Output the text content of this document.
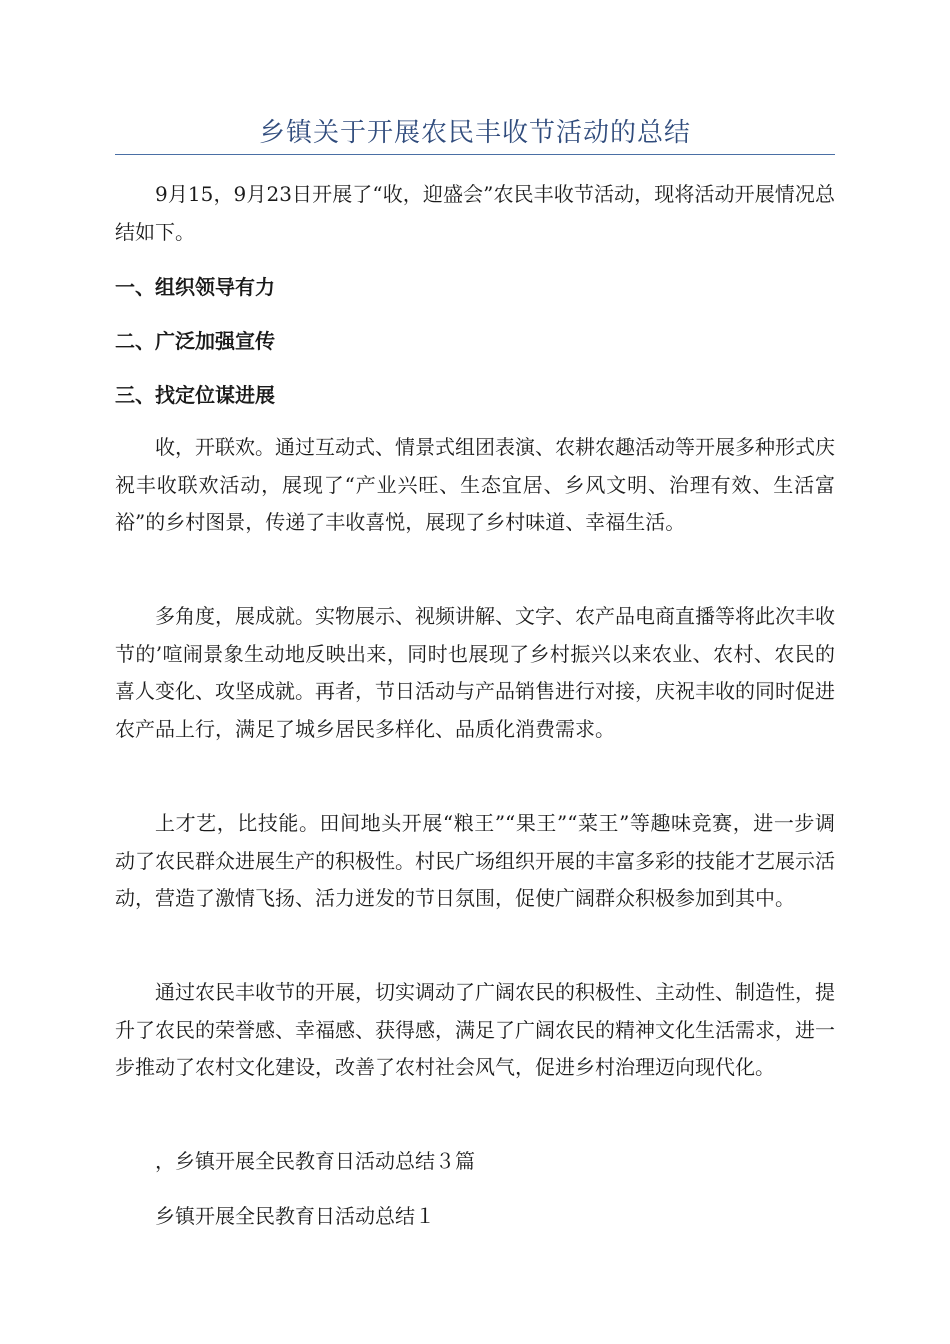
乡镇关于开展农民丰收节活动的总结

9月15，9月23日开展了“收，迎盛会”农民丰收节活动，现将活动开展情况总结如下。

一、组织领导有力
二、广泛加强宣传
三、找定位谋进展

收，开联欢。通过互动式、情景式组团表演、农耕农趣活动等开展多种形式庆祝丰收联欢活动，展现了“产业兴旺、生态宜居、乡风文明、治理有效、生活富裕”的乡村图景，传递了丰收喜悦，展现了乡村味道、幸福生活。

多角度，展成就。实物展示、视频讲解、文字、农产品电商直播等将此次丰收节的’喧闹景象生动地反映出来，同时也展现了乡村振兴以来农业、农村、农民的喜人变化、攻坚成就。再者，节日活动与产品销售进行对接，庆祝丰收的同时促进农产品上行，满足了城乡居民多样化、品质化消费需求。

上才艺，比技能。田间地头开展“粮王”“果王”“菜王”等趣味竞赛，进一步调动了农民群众进展生产的积极性。村民广场组织开展的丰富多彩的技能才艺展示活动，营造了激情飞扬、活力迸发的节日氛围，促使广阔群众积极参加到其中。

通过农民丰收节的开展，切实调动了广阔农民的积极性、主动性、制造性，提升了农民的荣誉感、幸福感、获得感，满足了广阔农民的精神文化生活需求，进一步推动了农村文化建设，改善了农村社会风气，促进乡村治理迈向现代化。

，乡镇开展全民教育日活动总结３篇

乡镇开展全民教育日活动总结１
